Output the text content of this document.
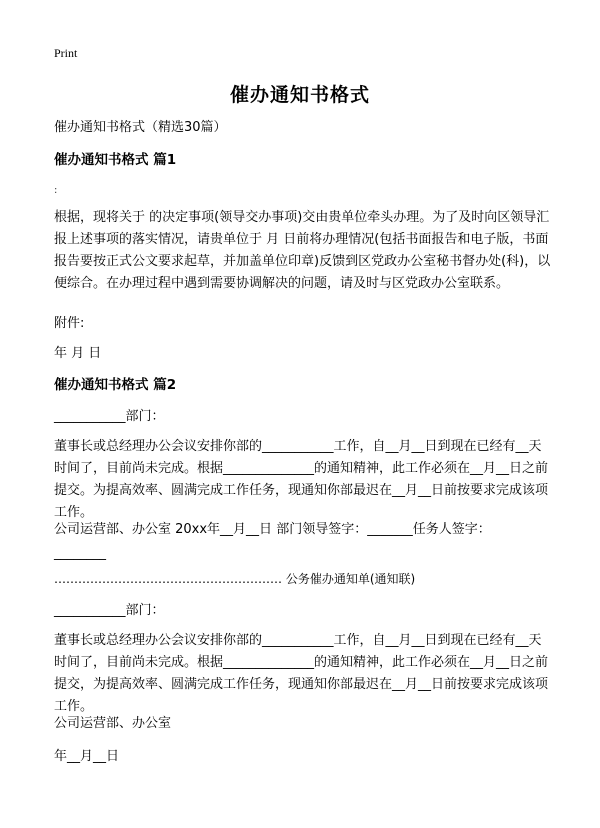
Print
催办通知书格式
催办通知书格式（精选30篇）
催办通知书格式 篇1
:
根据，现将关于 的决定事项(领导交办事项)交由贵单位牵头办理。为了及时向区领导汇报上述事项的落实情况，请贵单位于 月 日前将办理情况(包括书面报告和电子版，书面报告要按正式公文要求起草，并加盖单位印章)反馈到区党政办公室秘书督办处(科)，以便综合。在办理过程中遇到需要协调解决的问题，请及时与区党政办公室联系。
附件:
年 月 日
催办通知书格式 篇2
___________部门：
董事长或总经理办公会议安排你部的___________工作，自__月__日到现在已经有__天时间了，目前尚未完成。根据______________的通知精神，此工作必须在__月__日之前提交。为提高效率、圆满完成工作任务，现通知你部最迟在__月__日前按要求完成该项工作。
公司运营部、办公室 20xx年__月__日 部门领导签字：_______任务人签字：
________
………………………………………………… 公务催办通知单(通知联)
___________部门：
董事长或总经理办公会议安排你部的___________工作，自__月__日到现在已经有__天时间了，目前尚未完成。根据______________的通知精神，此工作必须在__月__日之前提交，为提高效率、圆满完成工作任务，现通知你部最迟在__月__日前按要求完成该项工作。
公司运营部、办公室
年__月__日
